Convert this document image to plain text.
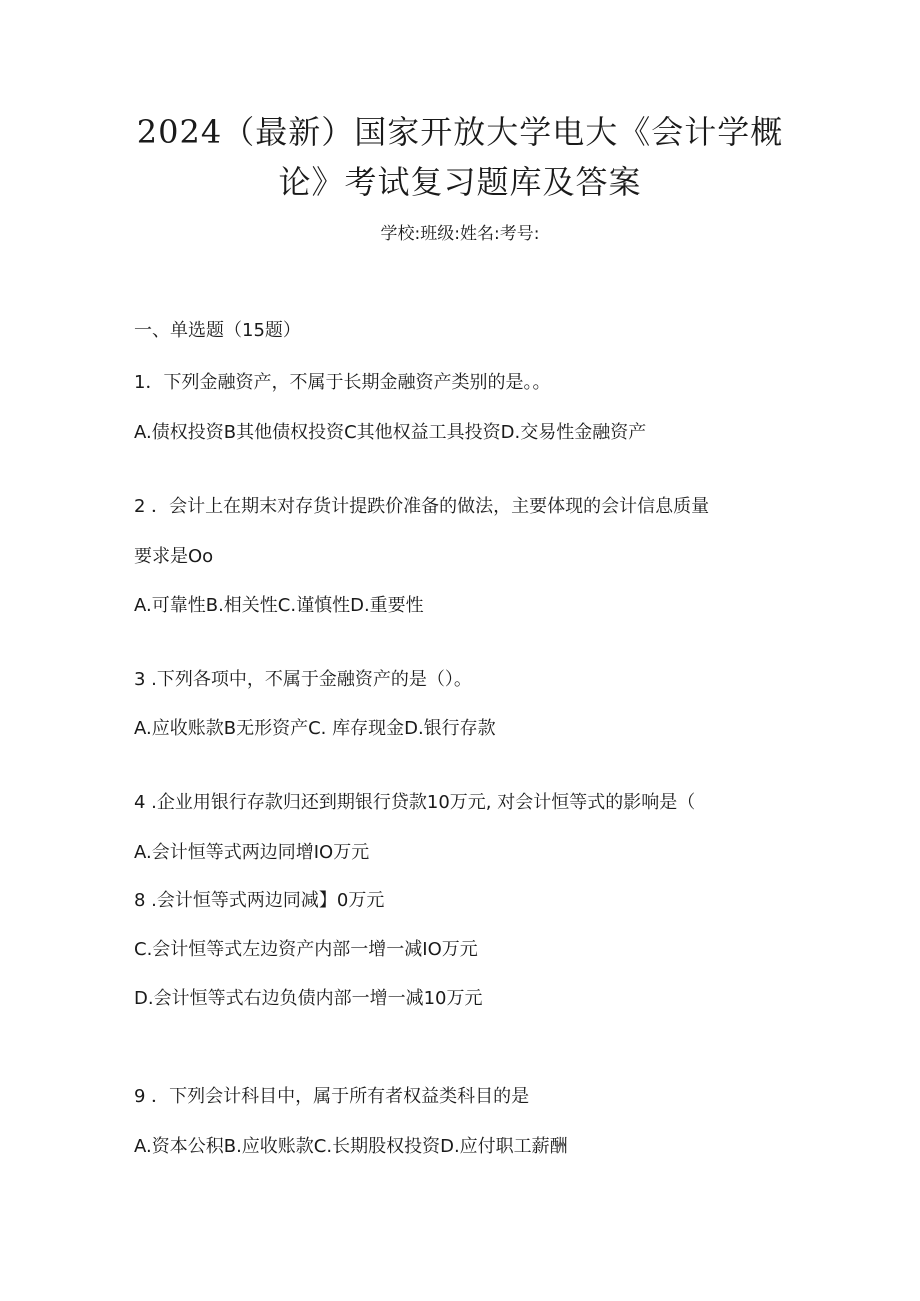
2024（最新）国家开放大学电大《会计学概
论》考试复习题库及答案
学校:班级:姓名:考号:
一、单选题（15题）
1．下列金融资产，不属于长期金融资产类别的是。。
A.债权投资B其他债权投资C其他权益工具投资D.交易性金融资产
2 ．会计上在期末对存货计提跌价准备的做法，主要体现的会计信息质量
要求是Oo
A.可靠性B.相关性C.谨慎性D.重要性
3 .下列各项中，不属于金融资产的是（）。
A.应收账款B无形资产C. 库存现金D.银行存款
4 .企业用银行存款归还到期银行贷款10万元, 对会计恒等式的影响是（
A.会计恒等式两边同增IO万元
8 .会计恒等式两边同减】0万元
C.会计恒等式左边资产内部一增一减IO万元
D.会计恒等式右边负债内部一增一减10万元
9 ．下列会计科目中，属于所有者权益类科目的是
A.资本公积B.应收账款C.长期股权投资D.应付职工薪酬
